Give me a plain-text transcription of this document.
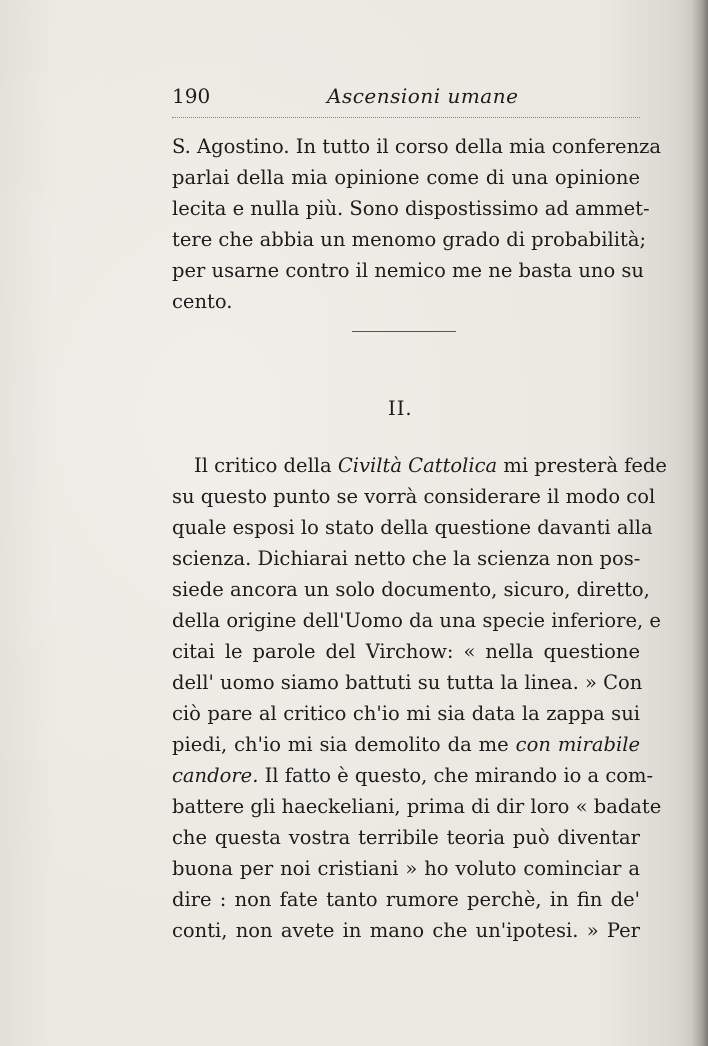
190	Ascensioni umane

S. Agostino. In tutto il corso della mia conferenza
parlai della mia opinione come di una opinione
lecita e nulla più. Sono dispostissimo ad ammet-
tere che abbia un menomo grado di probabilità;
per usarne contro il nemico me ne basta uno su
cento.

II.

Il critico della Civiltà Cattolica mi presterà fede
su questo punto se vorrà considerare il modo col
quale esposi lo stato della questione davanti alla
scienza. Dichiarai netto che la scienza non pos-
siede ancora un solo documento, sicuro, diretto,
della origine dell'Uomo da una specie inferiore, e
citai le parole del Virchow: « nella questione
dell' uomo siamo battuti su tutta la linea. » Con
ciò pare al critico ch'io mi sia data la zappa sui
piedi, ch'io mi sia demolito da me con mirabile
candore. Il fatto è questo, che mirando io a com-
battere gli haeckeliani, prima di dir loro « badate
che questa vostra terribile teoria può diventar
buona per noi cristiani » ho voluto cominciar a
dire : non fate tanto rumore perchè, in fin de'
conti, non avete in mano che un'ipotesi. » Per
